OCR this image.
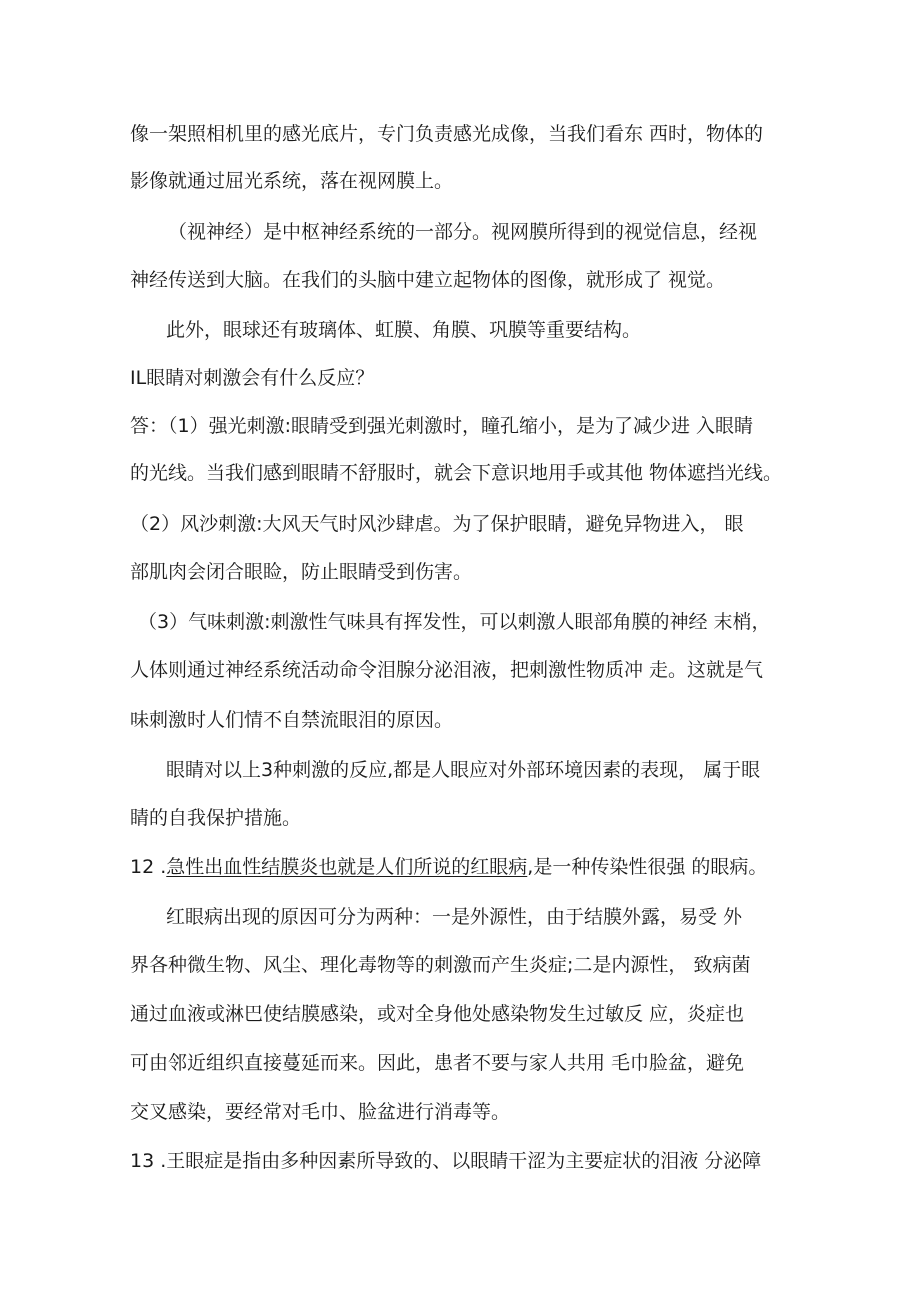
像一架照相机里的感光底片，专门负责感光成像，当我们看东 西时，物体的
影像就通过屈光系统，落在视网膜上。
（视神经）是中枢神经系统的一部分。视网膜所得到的视觉信息，经视
神经传送到大脑。在我们的头脑中建立起物体的图像，就形成了 视觉。
此外，眼球还有玻璃体、虹膜、角膜、巩膜等重要结构。
IL眼睛对刺激会有什么反应？
答：（1）强光刺激:眼睛受到强光刺激时，瞳孔缩小，是为了减少进 入眼睛
的光线。当我们感到眼睛不舒服时，就会下意识地用手或其他 物体遮挡光线。
（2）风沙刺激:大风天气时风沙肆虐。为了保护眼睛，避免异物进入， 眼
部肌肉会闭合眼睑，防止眼睛受到伤害。
（3）气味刺激:刺激性气味具有挥发性，可以刺激人眼部角膜的神经 末梢，
人体则通过神经系统活动命令泪腺分泌泪液，把刺激性物质冲 走。这就是气
味刺激时人们情不自禁流眼泪的原因。
眼睛对以上3种刺激的反应,都是人眼应对外部环境因素的表现， 属于眼
睛的自我保护措施。
12 .急性出血性结膜炎也就是人们所说的红眼病,是一种传染性很强 的眼病。
红眼病出现的原因可分为两种：一是外源性，由于结膜外露，易受 外
界各种微生物、风尘、理化毒物等的刺激而产生炎症;二是内源性， 致病菌
通过血液或淋巴使结膜感染，或对全身他处感染物发生过敏反 应，炎症也
可由邻近组织直接蔓延而来。因此，患者不要与家人共用 毛巾脸盆，避免
交叉感染，要经常对毛巾、脸盆进行消毒等。
13 .王眼症是指由多种因素所导致的、以眼睛干涩为主要症状的泪液 分泌障
